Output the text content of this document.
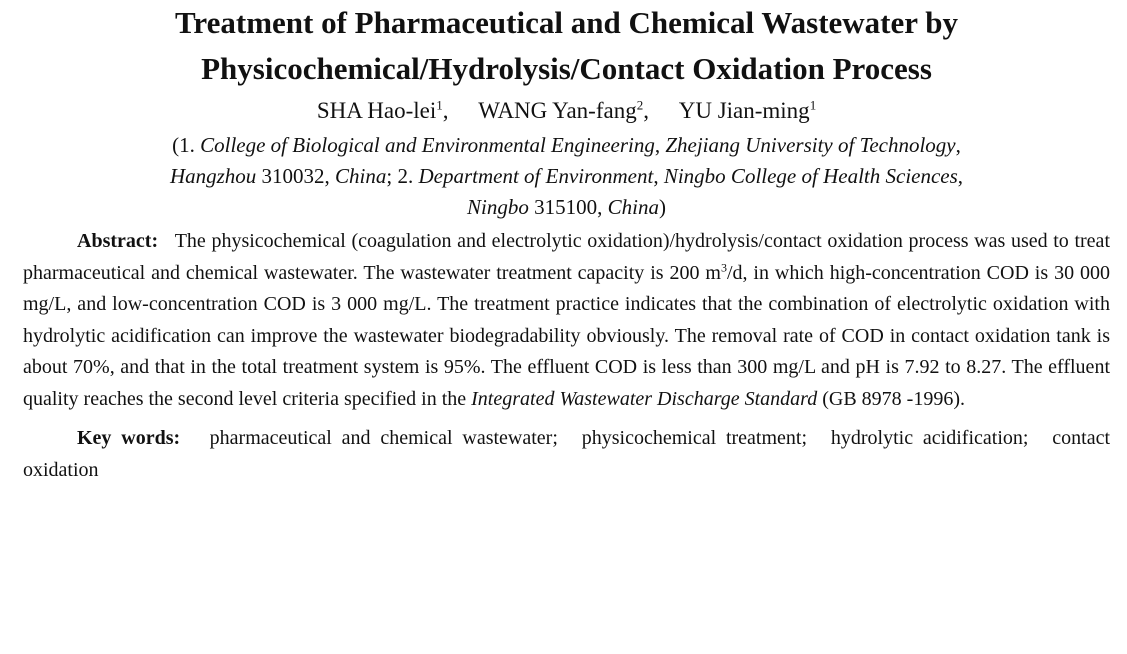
Treatment of Pharmaceutical and Chemical Wastewater by
Physicochemical/Hydrolysis/Contact Oxidation Process
SHA Hao-lei$^1$, WANG Yan-fang$^2$, YU Jian-ming$^1$
(1. College of Biological and Environmental Engineering, Zhejiang University of Technology,
Hangzhou 310032, China; 2. Department of Environment, Ningbo College of Health Sciences,
Ningbo 315100, China)

Abstract: The physicochemical (coagulation and electrolytic oxidation)/hydrolysis/contact oxidation process was used to treat pharmaceutical and chemical wastewater. The wastewater treatment capacity is 200 $m^3/d$, in which high-concentration COD is 30 000 mg/L, and low-concentration COD is 3 000 mg/L. The treatment practice indicates that the combination of electrolytic oxidation with hydrolytic acidification can improve the wastewater biodegradability obviously. The removal rate of COD in contact oxidation tank is about 70%, and that in the total treatment system is 95%. The effluent COD is less than 300 mg/L and pH is 7.92 to 8.27. The effluent quality reaches the second level criteria specified in the Integrated Wastewater Discharge Standard (GB 8978 -1996).

Key words: pharmaceutical and chemical wastewater; physicochemical treatment; hydrolytic acidification; contact oxidation
